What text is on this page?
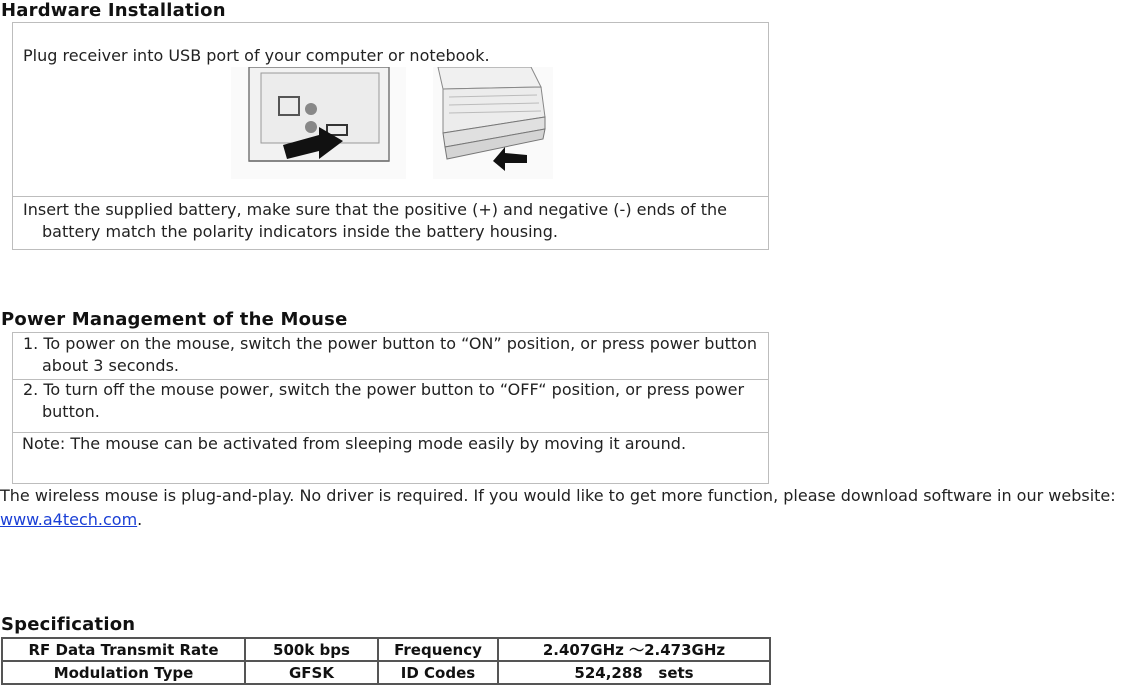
Hardware Installation
Plug receiver into USB port of your computer or notebook.
Insert the supplied battery, make sure that the positive (+) and negative (-) ends of the battery match the polarity indicators inside the battery housing.
Power Management of the Mouse
1. To power on the mouse, switch the power button to “ON” position, or press power button about 3 seconds.
2. To turn off the mouse power, switch the power button to “OFF“ position, or press power button.
Note: The mouse can be activated from sleeping mode easily by moving it around.
The wireless mouse is plug-and-play. No driver is required. If you would like to get more function, please download software in our website: www.a4tech.com.
Specification
RF Data Transmit Rate	500k bps	Frequency	2.407GHz ～2.473GHz
Modulation Type	GFSK	ID Codes	524,288   sets
